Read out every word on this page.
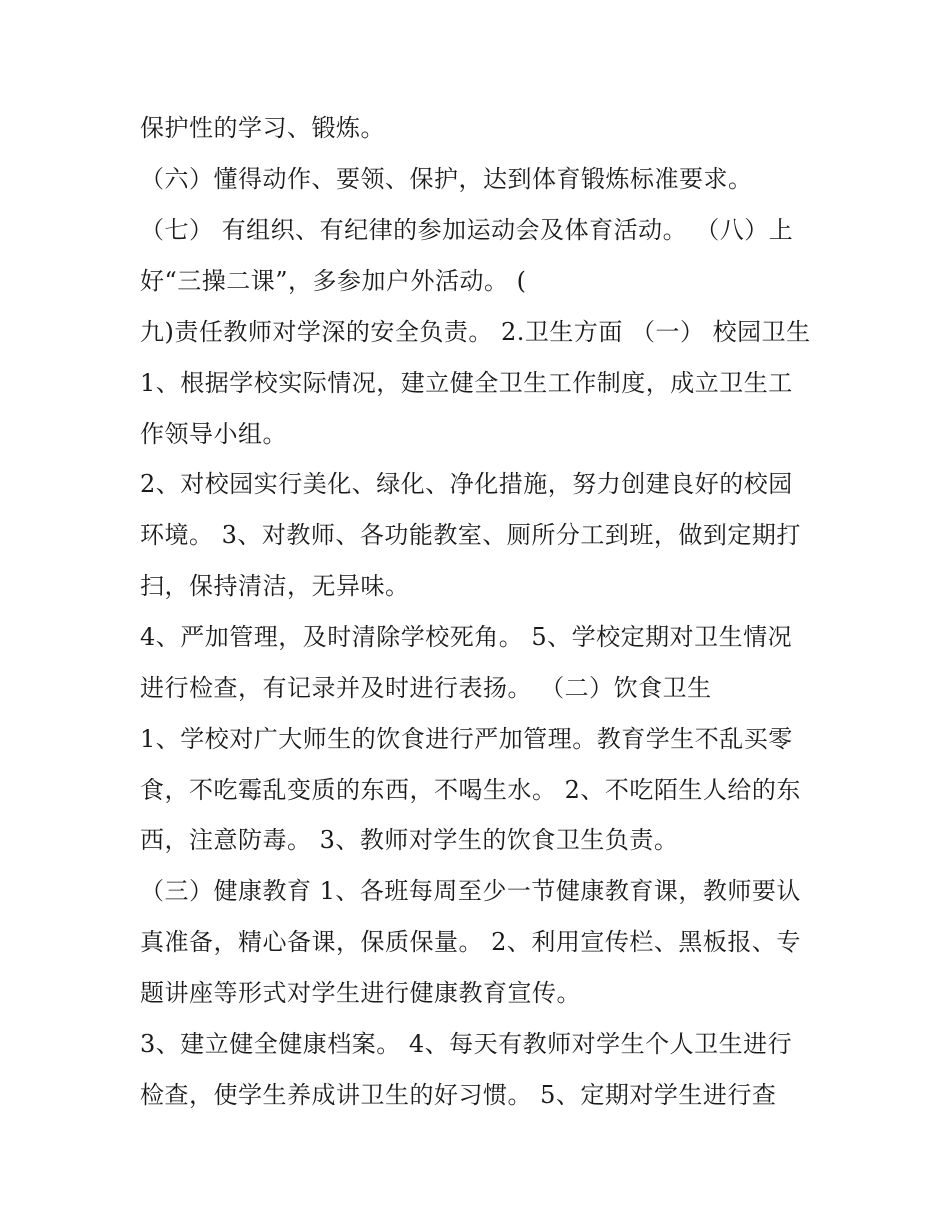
保护性的学习、锻炼。
（六）懂得动作、要领、保护，达到体育锻炼标准要求。
（七） 有组织、有纪律的参加运动会及体育活动。 （八）上
好“三操二课”，多参加户外活动。 (
九)责任教师对学深的安全负责。 2.卫生方面 （一） 校园卫生
1、根据学校实际情况，建立健全卫生工作制度，成立卫生工
作领导小组。
2、对校园实行美化、绿化、净化措施，努力创建良好的校园
环境。 3、对教师、各功能教室、厕所分工到班，做到定期打
扫，保持清洁，无异味。
4、严加管理，及时清除学校死角。 5、学校定期对卫生情况
进行检查，有记录并及时进行表扬。 （二）饮食卫生
1、学校对广大师生的饮食进行严加管理。教育学生不乱买零
食，不吃霉乱变质的东西，不喝生水。 2、不吃陌生人给的东
西，注意防毒。 3、教师对学生的饮食卫生负责。
（三）健康教育 1、各班每周至少一节健康教育课，教师要认
真准备，精心备课，保质保量。 2、利用宣传栏、黑板报、专
题讲座等形式对学生进行健康教育宣传。
3、建立健全健康档案。 4、每天有教师对学生个人卫生进行
检查，使学生养成讲卫生的好习惯。 5、定期对学生进行查
